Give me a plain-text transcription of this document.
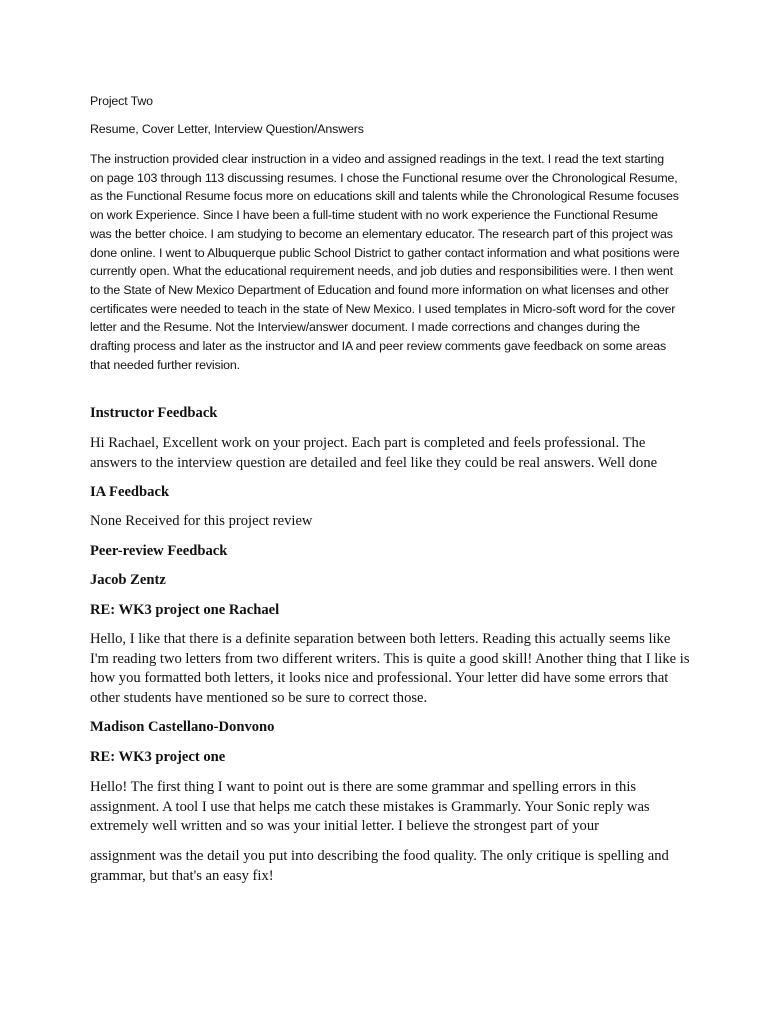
Project Two

Resume, Cover Letter, Interview Question/Answers

The instruction provided clear instruction in a video and assigned readings in the text. I read the text starting on page 103 through 113 discussing resumes. I chose the Functional resume over the Chronological Resume, as the Functional Resume focus more on educations skill and talents while the Chronological Resume focuses on work Experience. Since I have been a full-time student with no work experience the Functional Resume was the better choice. I am studying to become an elementary educator. The research part of this project was done online. I went to Albuquerque public School District to gather contact information and what positions were currently open. What the educational requirement needs, and job duties and responsibilities were. I then went to the State of New Mexico Department of Education and found more information on what licenses and other certificates were needed to teach in the state of New Mexico. I used templates in Micro-soft word for the cover letter and the Resume. Not the Interview/answer document. I made corrections and changes during the drafting process and later as the instructor and IA and peer review comments gave feedback on some areas that needed further revision.

Instructor Feedback

Hi Rachael, Excellent work on your project. Each part is completed and feels professional. The answers to the interview question are detailed and feel like they could be real answers. Well done

IA Feedback

None Received for this project review

Peer-review Feedback

Jacob Zentz

RE: WK3 project one Rachael

Hello, I like that there is a definite separation between both letters. Reading this actually seems like I'm reading two letters from two different writers. This is quite a good skill! Another thing that I like is how you formatted both letters, it looks nice and professional. Your letter did have some errors that other students have mentioned so be sure to correct those.

Madison Castellano-Donvono

RE: WK3 project one

Hello! The first thing I want to point out is there are some grammar and spelling errors in this assignment. A tool I use that helps me catch these mistakes is Grammarly. Your Sonic reply was extremely well written and so was your initial letter. I believe the strongest part of your

assignment was the detail you put into describing the food quality. The only critique is spelling and grammar, but that's an easy fix!
